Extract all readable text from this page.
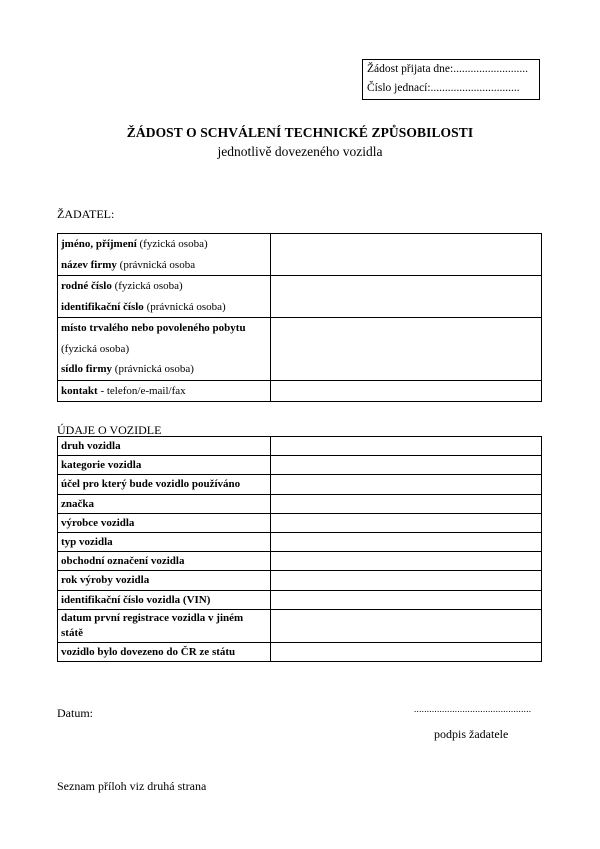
Žádost přijata dne:..........................
Číslo jednací:...............................
ŽÁDOST O SCHVÁLENÍ TECHNICKÉ ZPŮSOBILOSTI
jednotlivě dovezeného vozidla
ŽADATEL:
jméno, příjmení (fyzická osoba)
název firmy (právnická osoba	

rodné číslo (fyzická osoba)
identifikační číslo (právnická osoba)	

místo trvalého nebo povoleného pobytu
(fyzická osoba)
sídlo firmy (právnická osoba)	

kontakt - telefon/e-mail/fax	

ÚDAJE O VOZIDLE
druh vozidla	
kategorie vozidla	
účel pro který bude vozidlo používáno	
značka	
výrobce vozidla	
typ vozidla	
obchodní označení vozidla	
rok výroby vozidla	
identifikační číslo vozidla (VIN)	
datum první registrace vozidla v jiném státě	
vozidlo bylo dovezeno do ČR ze státu	
Datum:	..............................................
podpis žadatele
Seznam příloh viz druhá strana
